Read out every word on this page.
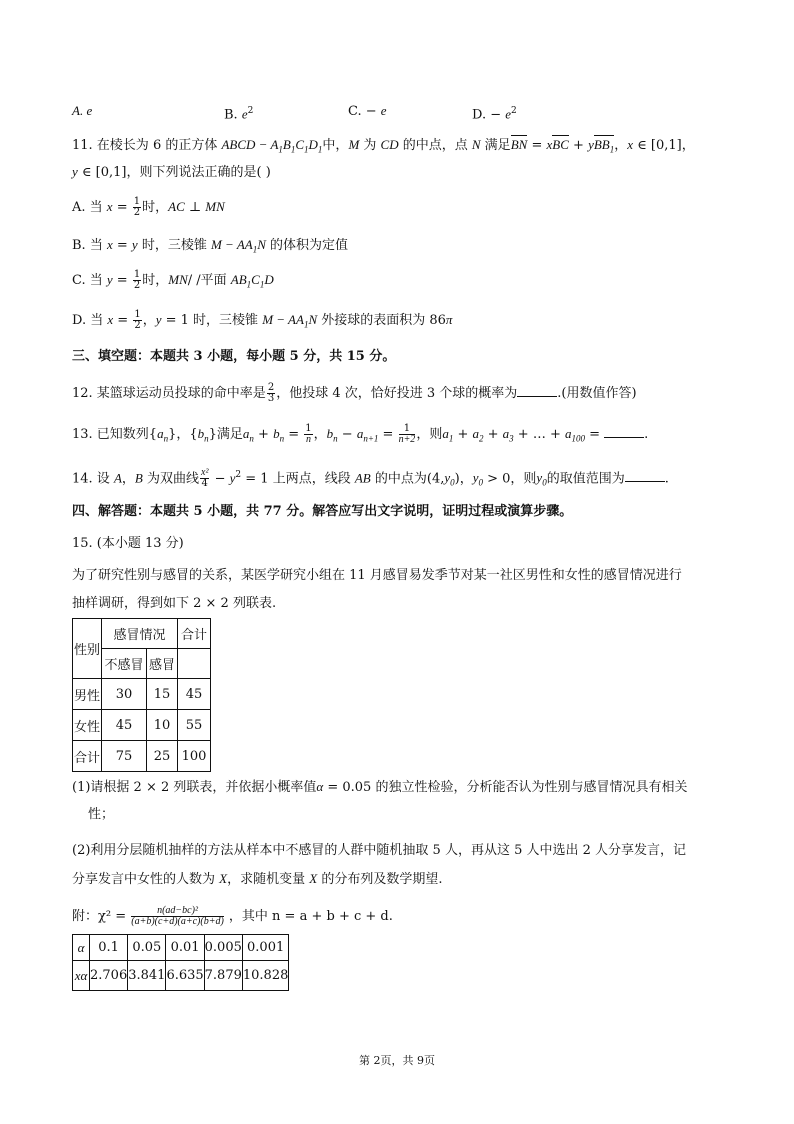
A. e	B. $e^2$	C. − e	D. − $e^2$
11. 在棱长为 6 的正方体 ABCD − $A_1B_1C_1D_1$中，M 为 CD 的中点，点 N 满足BN = xBC + yBB$_1$，x ∈ [0,1]，
y ∈ [0,1]，则下列说法正确的是( )
A. 当 $x = \frac{1}{2}$ 时，AC ⊥ MN
B. 当 x = y 时，三棱锥 $M - AA_1N$ 的体积为定值
C. 当 $y = \frac{1}{2}$ 时，MN/ /平面 $AB_1C_1D$
D. 当 $x = \frac{1}{2}$ ，y = 1 时，三棱锥 $M - AA_1N$ 外接球的表面积为 86π
三、填空题：本题共 3 小题，每小题 5 分，共 15 分。
12. 某篮球运动员投球的命中率是 $\frac{2}{3}$ ，他投球 4 次，恰好投进 3 个球的概率为	.(用数值作答)
13. 已知数列$\{a_n\}$，$\{b_n\}$满足$a_n + b_n = \frac{1}{n}$ ，$b_n - a_{n+1} = \frac{1}{n+2}$ ，则$a_1 + a_2 + a_3$ + … + $a_{100}$ =	.
14. 设 A，B 为双曲线 $\frac{\text{x²}}{4} - y^2 = 1$ 上两点，线段 AB 的中点为$(4,y_0)$，$y_0 > 0$，则$y_0$的取值范围为	.
四、解答题：本题共 5 小题，共 77 分。解答应写出文字说明，证明过程或演算步骤。
15. (本小题 13 分)
为了研究性别与感冒的关系，某医学研究小组在 11 月感冒易发季节对某一社区男性和女性的感冒情况进行
抽样调研，得到如下 2 × 2 列联表.
性别	感冒情况		合计
	不感冒	感冒	
男性	30	15	45
女性	45	10	55
合计	75	25	100
(1)请根据 2 × 2 列联表，并依据小概率值α = 0.05 的独立性检验，分析能否认为性别与感冒情况具有相关
性；
(2)利用分层随机抽样的方法从样本中不感冒的人群中随机抽取 5 人，再从这 5 人中选出 2 人分享发言，记
分享发言中女性的人数为 X，求随机变量 X 的分布列及数学期望.
附：$\chi^2 = \frac{\text{n(ad−bc)²}}{(a+b)(c+d)(a+c)(b+d)}$ ，其中 n = a + b + c + d.
α	0.1	0.05	0.01	0.005	0.001
xα	2.706	3.841	6.635	7.879	10.828
第 2页，共 9页
